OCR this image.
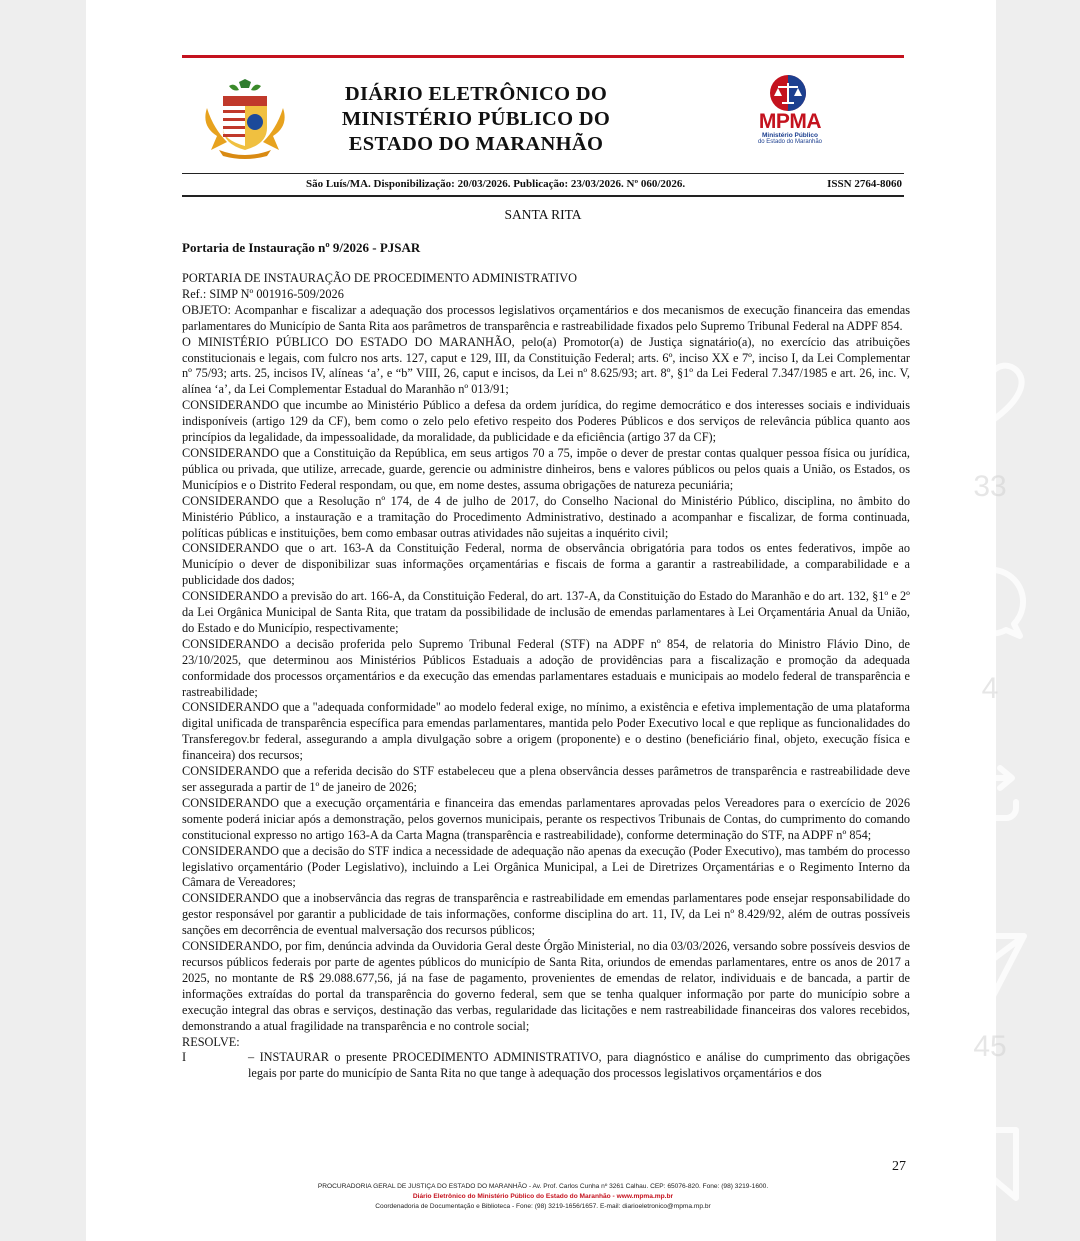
DIÁRIO ELETRÔNICO DO
MINISTÉRIO PÚBLICO DO
ESTADO DO MARANHÃO
MPMA
Ministério Público
do Estado do Maranhão
São Luís/MA. Disponibilização: 20/03/2026. Publicação: 23/03/2026. Nº 060/2026.	ISSN 2764-8060
SANTA RITA
Portaria de Instauração nº 9/2026 - PJSAR

PORTARIA DE INSTAURAÇÃO DE PROCEDIMENTO ADMINISTRATIVO

Ref.: SIMP Nº 001916-509/2026

OBJETO: Acompanhar e fiscalizar a adequação dos processos legislativos orçamentários e dos mecanismos de execução financeira das emendas parlamentares do Município de Santa Rita aos parâmetros de transparência e rastreabilidade fixados pelo Supremo Tribunal Federal na ADPF 854.

O MINISTÉRIO PÚBLICO DO ESTADO DO MARANHÃO, pelo(a) Promotor(a) de Justiça signatário(a), no exercício das atribuições constitucionais e legais, com fulcro nos arts. 127, caput e 129, III, da Constituição Federal; arts. 6º, inciso XX e 7º, inciso I, da Lei Complementar nº 75/93; arts. 25, incisos IV, alíneas ‘a’, e “b” VIII, 26, caput e incisos, da Lei nº 8.625/93; art. 8º, §1º da Lei Federal 7.347/1985 e art. 26, inc. V, alínea ‘a’, da Lei Complementar Estadual do Maranhão nº 013/91;

CONSIDERANDO que incumbe ao Ministério Público a defesa da ordem jurídica, do regime democrático e dos interesses sociais e individuais indisponíveis (artigo 129 da CF), bem como o zelo pelo efetivo respeito dos Poderes Públicos e dos serviços de relevância pública quanto aos princípios da legalidade, da impessoalidade, da moralidade, da publicidade e da eficiência (artigo 37 da CF);

CONSIDERANDO que a Constituição da República, em seus artigos 70 a 75, impõe o dever de prestar contas qualquer pessoa física ou jurídica, pública ou privada, que utilize, arrecade, guarde, gerencie ou administre dinheiros, bens e valores públicos ou pelos quais a União, os Estados, os Municípios e o Distrito Federal respondam, ou que, em nome destes, assuma obrigações de natureza pecuniária;

CONSIDERANDO que a Resolução nº 174, de 4 de julho de 2017, do Conselho Nacional do Ministério Público, disciplina, no âmbito do Ministério Público, a instauração e a tramitação do Procedimento Administrativo, destinado a acompanhar e fiscalizar, de forma continuada, políticas públicas e instituições, bem como embasar outras atividades não sujeitas a inquérito civil;

CONSIDERANDO que o art. 163-A da Constituição Federal, norma de observância obrigatória para todos os entes federativos, impõe ao Município o dever de disponibilizar suas informações orçamentárias e fiscais de forma a garantir a rastreabilidade, a comparabilidade e a publicidade dos dados;

CONSIDERANDO a previsão do art. 166-A, da Constituição Federal, do art. 137-A, da Constituição do Estado do Maranhão e do art. 132, §1º e 2º da Lei Orgânica Municipal de Santa Rita, que tratam da possibilidade de inclusão de emendas parlamentares à Lei Orçamentária Anual da União, do Estado e do Município, respectivamente;

CONSIDERANDO a decisão proferida pelo Supremo Tribunal Federal (STF) na ADPF nº 854, de relatoria do Ministro Flávio Dino, de 23/10/2025, que determinou aos Ministérios Públicos Estaduais a adoção de providências para a fiscalização e promoção da adequada conformidade dos processos orçamentários e da execução das emendas parlamentares estaduais e municipais ao modelo federal de transparência e rastreabilidade;

CONSIDERANDO que a "adequada conformidade" ao modelo federal exige, no mínimo, a existência e efetiva implementação de uma plataforma digital unificada de transparência específica para emendas parlamentares, mantida pelo Poder Executivo local e que replique as funcionalidades do Transferegov.br federal, assegurando a ampla divulgação sobre a origem (proponente) e o destino (beneficiário final, objeto, execução física e financeira) dos recursos;

CONSIDERANDO que a referida decisão do STF estabeleceu que a plena observância desses parâmetros de transparência e rastreabilidade deve ser assegurada a partir de 1º de janeiro de 2026;

CONSIDERANDO que a execução orçamentária e financeira das emendas parlamentares aprovadas pelos Vereadores para o exercício de 2026 somente poderá iniciar após a demonstração, pelos governos municipais, perante os respectivos Tribunais de Contas, do cumprimento do comando constitucional expresso no artigo 163-A da Carta Magna (transparência e rastreabilidade), conforme determinação do STF, na ADPF nº 854;

CONSIDERANDO que a decisão do STF indica a necessidade de adequação não apenas da execução (Poder Executivo), mas também do processo legislativo orçamentário (Poder Legislativo), incluindo a Lei Orgânica Municipal, a Lei de Diretrizes Orçamentárias e o Regimento Interno da Câmara de Vereadores;

CONSIDERANDO que a inobservância das regras de transparência e rastreabilidade em emendas parlamentares pode ensejar responsabilidade do gestor responsável por garantir a publicidade de tais informações, conforme disciplina do art. 11, IV, da Lei nº 8.429/92, além de outras possíveis sanções em decorrência de eventual malversação dos recursos públicos;

CONSIDERANDO, por fim, denúncia advinda da Ouvidoria Geral deste Órgão Ministerial, no dia 03/03/2026, versando sobre possíveis desvios de recursos públicos federais por parte de agentes públicos do município de Santa Rita, oriundos de emendas parlamentares, entre os anos de 2017 a 2025, no montante de R$ 29.088.677,56, já na fase de pagamento, provenientes de emendas de relator, individuais e de bancada, a partir de informações extraídas do portal da transparência do governo federal, sem que se tenha qualquer informação por parte do município sobre a execução integral das obras e serviços, destinação das verbas, regularidade das licitações e nem rastreabilidade financeiras dos valores recebidos, demonstrando a atual fragilidade na transparência e no controle social;

RESOLVE:

I	– INSTAURAR o presente PROCEDIMENTO ADMINISTRATIVO, para diagnóstico e análise do cumprimento das obrigações legais por parte do município de Santa Rita no que tange à adequação dos processos legislativos orçamentários e dos
27
PROCURADORIA GERAL DE JUSTIÇA DO ESTADO DO MARANHÃO - Av. Prof. Carlos Cunha nº 3261 Calhau. CEP: 65076-820. Fone: (98) 3219-1600.
Diário Eletrônico do Ministério Público do Estado do Maranhão - www.mpma.mp.br
Coordenadoria de Documentação e Biblioteca - Fone: (98) 3219-1656/1657. E-mail: diarioeletronico@mpma.mp.br
33
4
45
